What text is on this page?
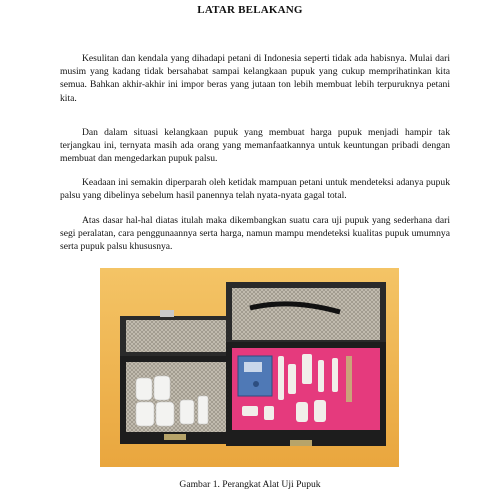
LATAR BELAKANG

Kesulitan dan kendala yang dihadapi petani di Indonesia seperti tidak ada habisnya. Mulai dari musim yang kadang tidak bersahabat sampai kelangkaan pupuk yang cukup memprihatinkan kita semua. Bahkan akhir-akhir ini impor beras yang jutaan ton lebih membuat lebih terpuruknya petani kita.

Dan dalam situasi kelangkaan pupuk yang membuat harga pupuk menjadi hampir tak terjangkau ini, ternyata masih ada orang yang memanfaatkannya untuk keuntungan pribadi dengan membuat dan mengedarkan pupuk palsu.

Keadaan ini semakin diperparah oleh ketidak mampuan petani untuk mendeteksi adanya pupuk palsu yang dibelinya sebelum hasil panennya telah nyata-nyata gagal total.

Atas dasar hal-hal diatas itulah maka dikembangkan suatu cara uji pupuk yang sederhana dari segi peralatan, cara penggunaannya serta harga, namun mampu mendeteksi kualitas pupuk umumnya serta pupuk palsu khususnya.

Gambar 1. Perangkat Alat Uji Pupuk
